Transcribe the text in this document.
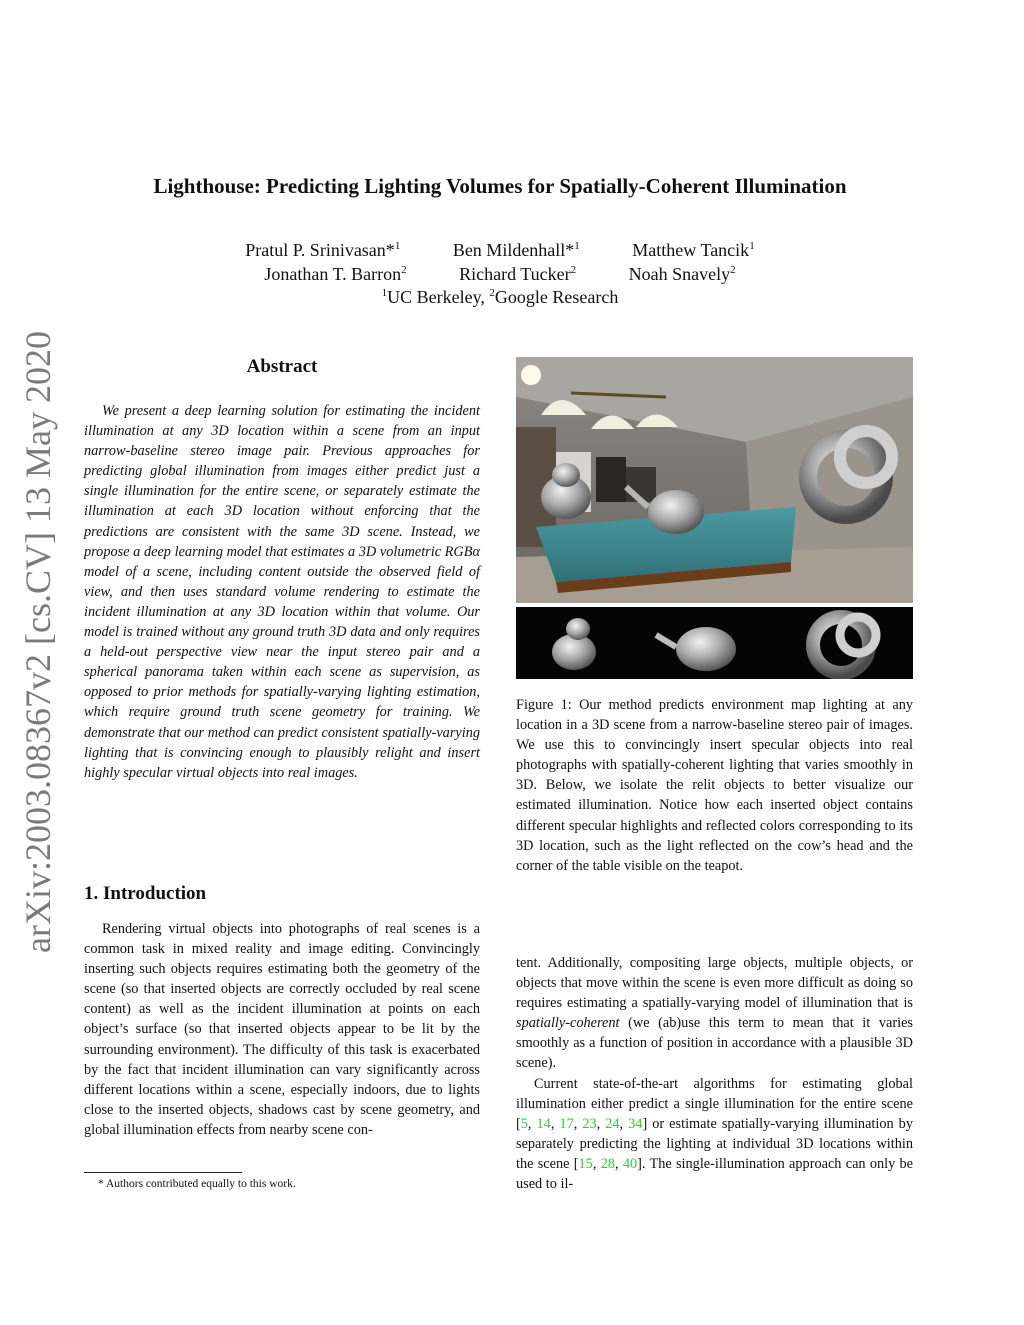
arXiv:2003.08367v2 [cs.CV] 13 May 2020
Lighthouse: Predicting Lighting Volumes for Spatially-Coherent Illumination
Pratul P. Srinivasan*$^1$	Ben Mildenhall*$^1$	Matthew Tancik$^1$
Jonathan T. Barron$^2$	Richard Tucker$^2$	Noah Snavely$^2$
$^1$UC Berkeley, $^2$Google Research
Abstract
We present a deep learning solution for estimating the incident illumination at any 3D location within a scene from an input narrow-baseline stereo image pair. Previous approaches for predicting global illumination from images either predict just a single illumination for the entire scene, or separately estimate the illumination at each 3D location without enforcing that the predictions are consistent with the same 3D scene. Instead, we propose a deep learning model that estimates a 3D volumetric RGBα model of a scene, including content outside the observed field of view, and then uses standard volume rendering to estimate the incident illumination at any 3D location within that volume. Our model is trained without any ground truth 3D data and only requires a held-out perspective view near the input stereo pair and a spherical panorama taken within each scene as supervision, as opposed to prior methods for spatially-varying lighting estimation, which require ground truth scene geometry for training. We demonstrate that our method can predict consistent spatially-varying lighting that is convincing enough to plausibly relight and insert highly specular virtual objects into real images.
1. Introduction
Rendering virtual objects into photographs of real scenes is a common task in mixed reality and image editing. Convincingly inserting such objects requires estimating both the geometry of the scene (so that inserted objects are correctly occluded by real scene content) as well as the incident illumination at points on each object’s surface (so that inserted objects appear to be lit by the surrounding environment). The difficulty of this task is exacerbated by the fact that incident illumination can vary significantly across different locations within a scene, especially indoors, due to lights close to the inserted objects, shadows cast by scene geometry, and global illumination effects from nearby scene con-
* Authors contributed equally to this work.
Figure 1: Our method predicts environment map lighting at any location in a 3D scene from a narrow-baseline stereo pair of images. We use this to convincingly insert specular objects into real photographs with spatially-coherent lighting that varies smoothly in 3D. Below, we isolate the relit objects to better visualize our estimated illumination. Notice how each inserted object contains different specular highlights and reflected colors corresponding to its 3D location, such as the light reflected on the cow’s head and the corner of the table visible on the teapot.
tent. Additionally, compositing large objects, multiple objects, or objects that move within the scene is even more difficult as doing so requires estimating a spatially-varying model of illumination that is spatially-coherent (we (ab)use this term to mean that it varies smoothly as a function of position in accordance with a plausible 3D scene).
Current state-of-the-art algorithms for estimating global illumination either predict a single illumination for the entire scene [5, 14, 17, 23, 24, 34] or estimate spatially-varying illumination by separately predicting the lighting at individual 3D locations within the scene [15, 28, 40]. The single-illumination approach can only be used to il-
